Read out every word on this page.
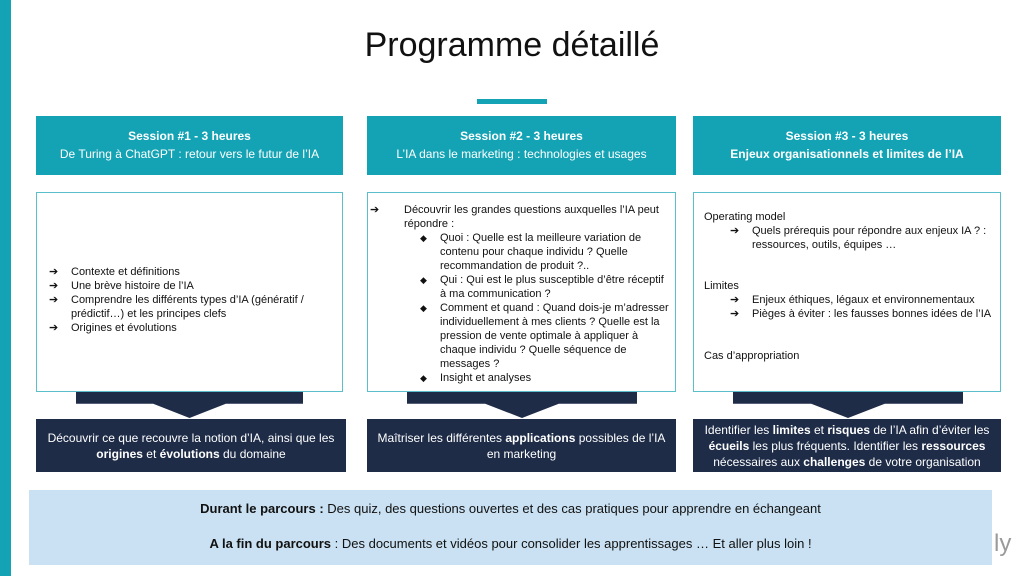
Programme détaillé
Session #1 - 3 heures
De Turing à ChatGPT : retour vers le futur de l’IA
➔ Contexte et définitions
➔ Une brève histoire de l’IA
➔ Comprendre les différents types d’IA (génératif / prédictif…) et les principes clefs
➔ Origines et évolutions
Découvrir ce que recouvre la notion d’IA, ainsi que les origines et évolutions du domaine
Session #2 - 3 heures
L’IA dans le marketing : technologies et usages
➔ Découvrir les grandes questions auxquelles l’IA peut répondre :
◆ Quoi : Quelle est la meilleure variation de contenu pour chaque individu ? Quelle recommandation de produit ?..
◆ Qui : Qui est le plus susceptible d’être réceptif à ma communication ?
◆ Comment et quand : Quand dois-je m’adresser individuellement à mes clients ? Quelle est la pression de vente optimale à appliquer à chaque individu ? Quelle séquence de messages ?
◆ Insight et analyses
Maîtriser les différentes applications possibles de l’IA en marketing
Session #3 - 3 heures
Enjeux organisationnels et limites de l’IA
Operating model
➔ Quels prérequis pour répondre aux enjeux IA ? : ressources, outils, équipes …
Limites
➔ Enjeux éthiques, légaux et environnementaux
➔ Pièges à éviter : les fausses bonnes idées de l’IA
Cas d’appropriation
Identifier les limites et risques de l’IA afin d’éviter les écueils les plus fréquents. Identifier les ressources nécessaires aux challenges de votre organisation
Durant le parcours : Des quiz, des questions ouvertes et des cas pratiques pour apprendre en échangeant
A la fin du parcours : Des documents et vidéos pour consolider les apprentissages … Et aller plus loin !	ly
